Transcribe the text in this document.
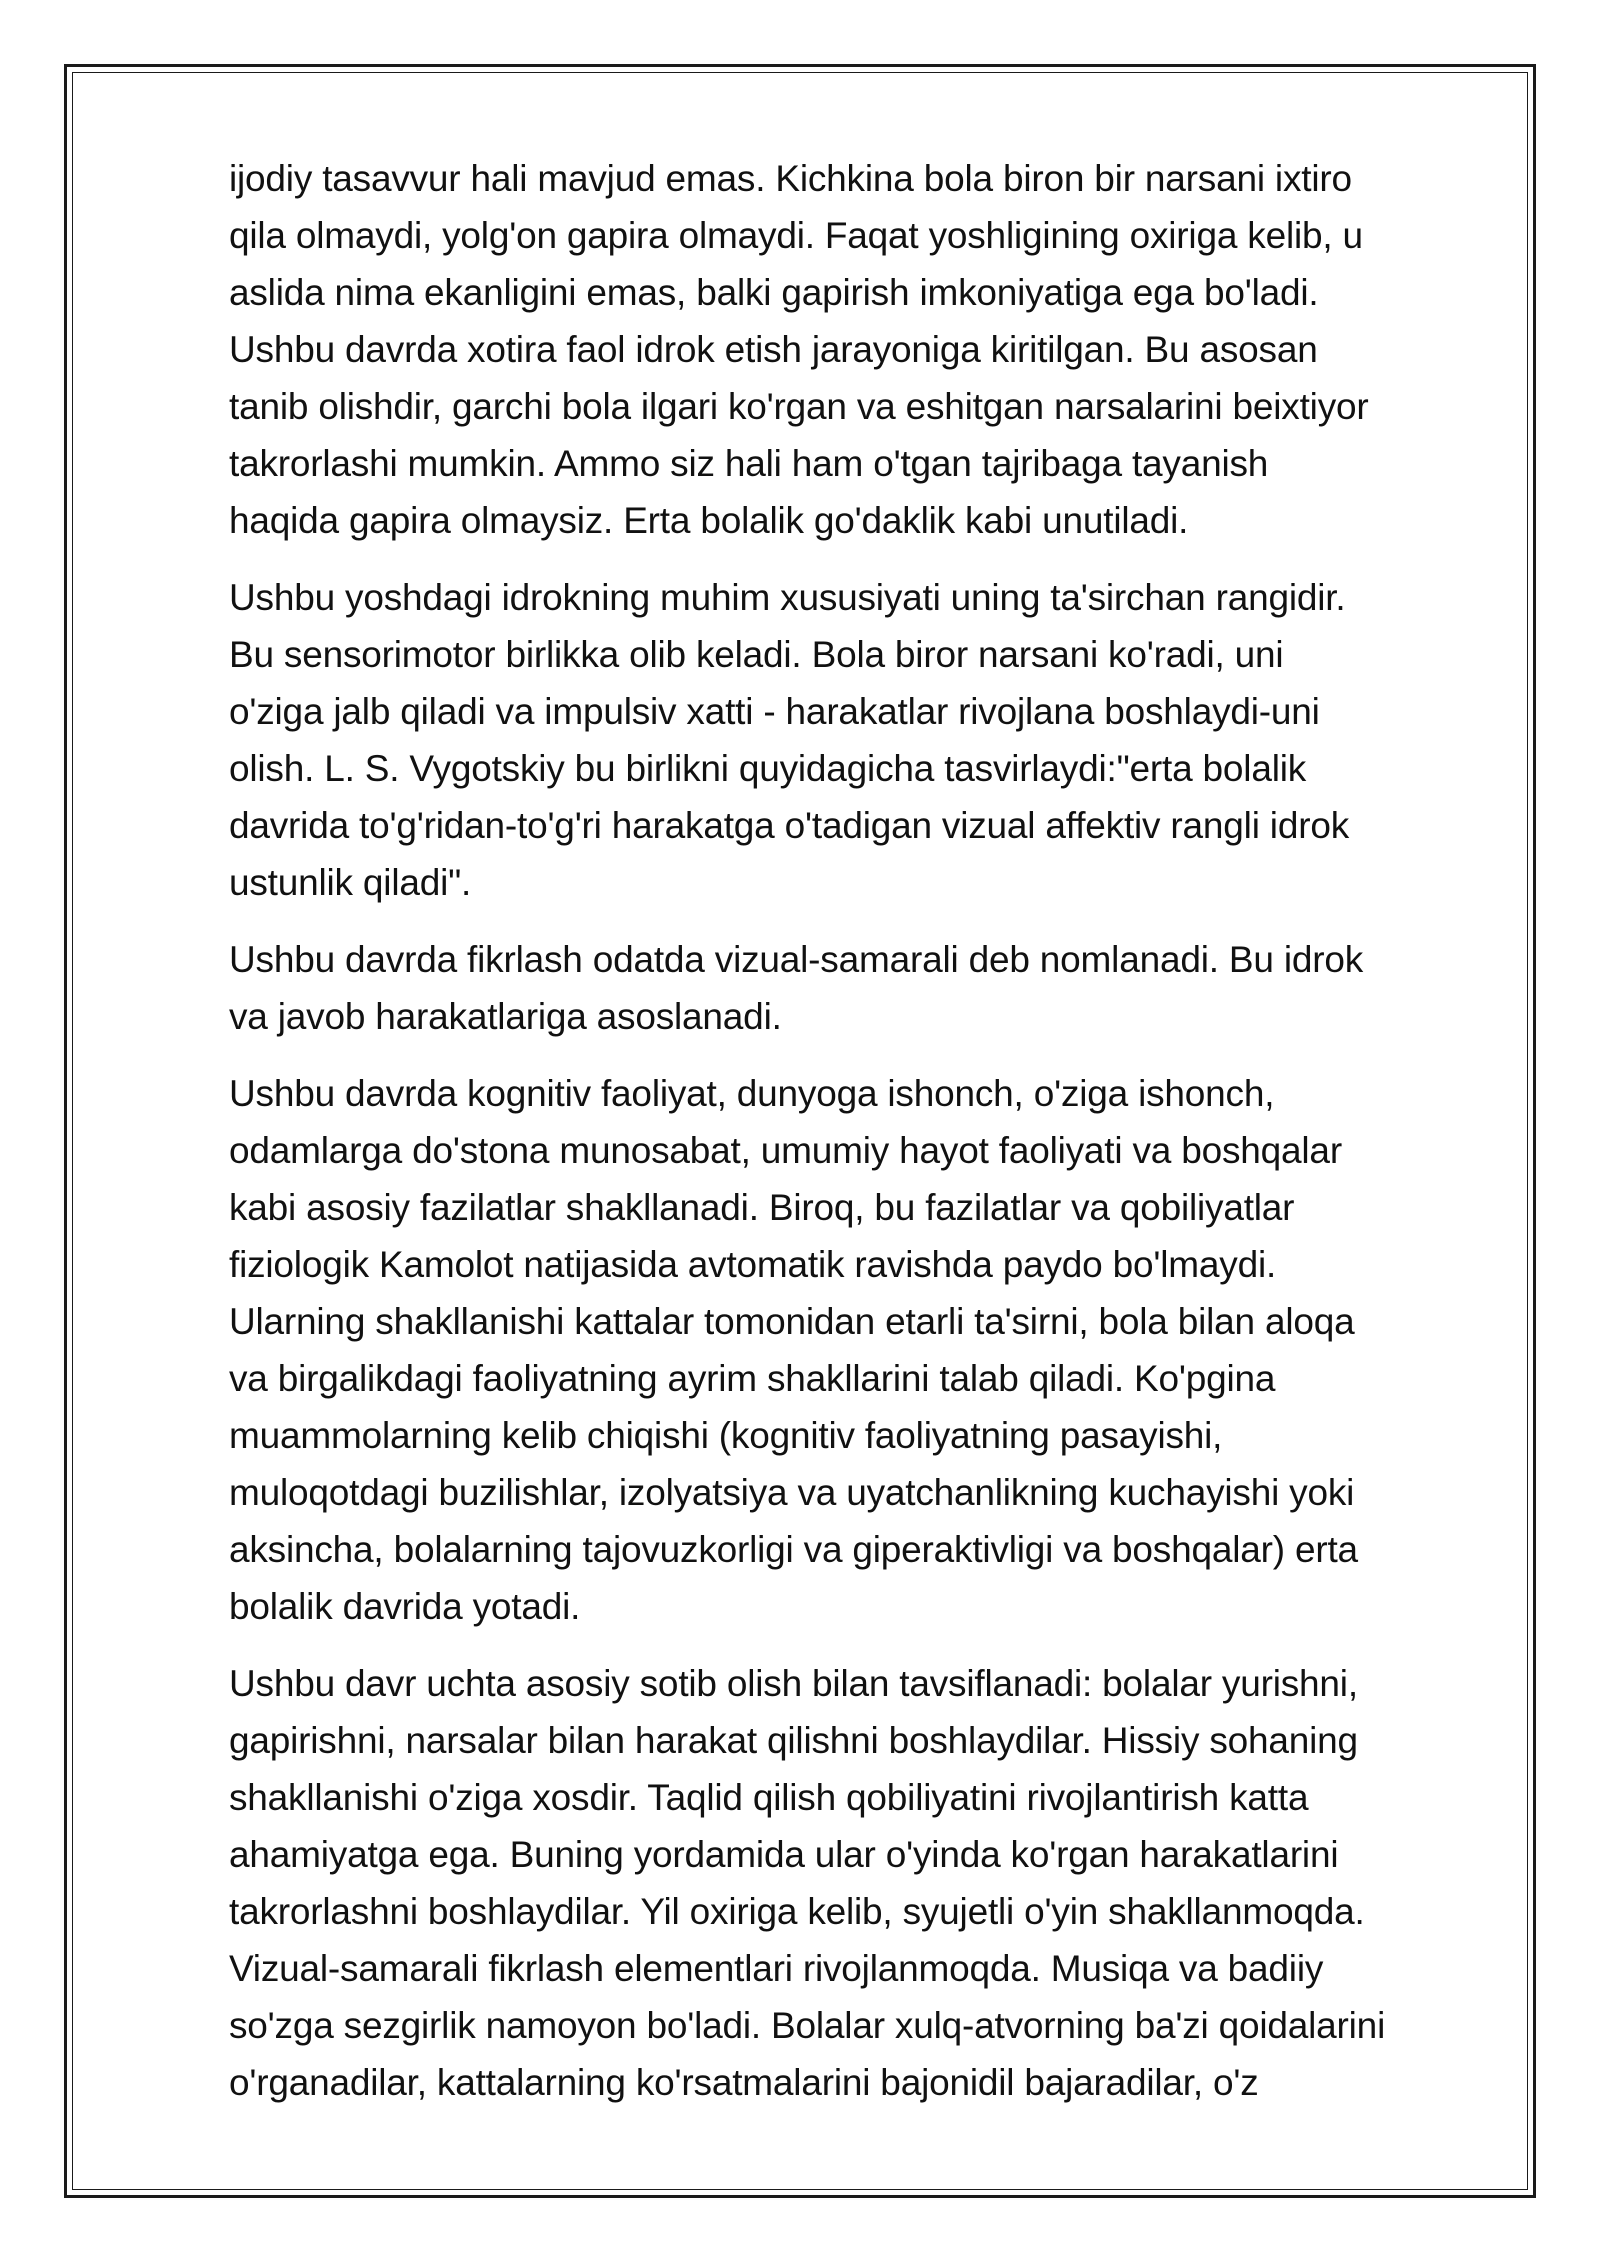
ijodiy tasavvur hali mavjud emas. Kichkina bola biron bir narsani ixtiro
qila olmaydi, yolg'on gapira olmaydi. Faqat yoshligining oxiriga kelib, u
aslida nima ekanligini emas, balki gapirish imkoniyatiga ega bo'ladi.
Ushbu davrda xotira faol idrok etish jarayoniga kiritilgan. Bu asosan
tanib olishdir, garchi bola ilgari ko'rgan va eshitgan narsalarini beixtiyor
takrorlashi mumkin. Ammo siz hali ham o'tgan tajribaga tayanish
haqida gapira olmaysiz. Erta bolalik go'daklik kabi unutiladi.

Ushbu yoshdagi idrokning muhim xususiyati uning ta'sirchan rangidir.
Bu sensorimotor birlikka olib keladi. Bola biror narsani ko'radi, uni
o'ziga jalb qiladi va impulsiv xatti - harakatlar rivojlana boshlaydi-uni
olish. L. S. Vygotskiy bu birlikni quyidagicha tasvirlaydi:"erta bolalik
davrida to'g'ridan-to'g'ri harakatga o'tadigan vizual affektiv rangli idrok
ustunlik qiladi".

Ushbu davrda fikrlash odatda vizual-samarali deb nomlanadi. Bu idrok
va javob harakatlariga asoslanadi.

Ushbu davrda kognitiv faoliyat, dunyoga ishonch, o'ziga ishonch,
odamlarga do'stona munosabat, umumiy hayot faoliyati va boshqalar
kabi asosiy fazilatlar shakllanadi. Biroq, bu fazilatlar va qobiliyatlar
fiziologik Kamolot natijasida avtomatik ravishda paydo bo'lmaydi.
Ularning shakllanishi kattalar tomonidan etarli ta'sirni, bola bilan aloqa
va birgalikdagi faoliyatning ayrim shakllarini talab qiladi. Ko'pgina
muammolarning kelib chiqishi (kognitiv faoliyatning pasayishi,
muloqotdagi buzilishlar, izolyatsiya va uyatchanlikning kuchayishi yoki
aksincha, bolalarning tajovuzkorligi va giperaktivligi va boshqalar) erta
bolalik davrida yotadi.

Ushbu davr uchta asosiy sotib olish bilan tavsiflanadi: bolalar yurishni,
gapirishni, narsalar bilan harakat qilishni boshlaydilar. Hissiy sohaning
shakllanishi o'ziga xosdir. Taqlid qilish qobiliyatini rivojlantirish katta
ahamiyatga ega. Buning yordamida ular o'yinda ko'rgan harakatlarini
takrorlashni boshlaydilar. Yil oxiriga kelib, syujetli o'yin shakllanmoqda.
Vizual-samarali fikrlash elementlari rivojlanmoqda. Musiqa va badiiy
so'zga sezgirlik namoyon bo'ladi. Bolalar xulq-atvorning ba'zi qoidalarini
o'rganadilar, kattalarning ko'rsatmalarini bajonidil bajaradilar, o'z
